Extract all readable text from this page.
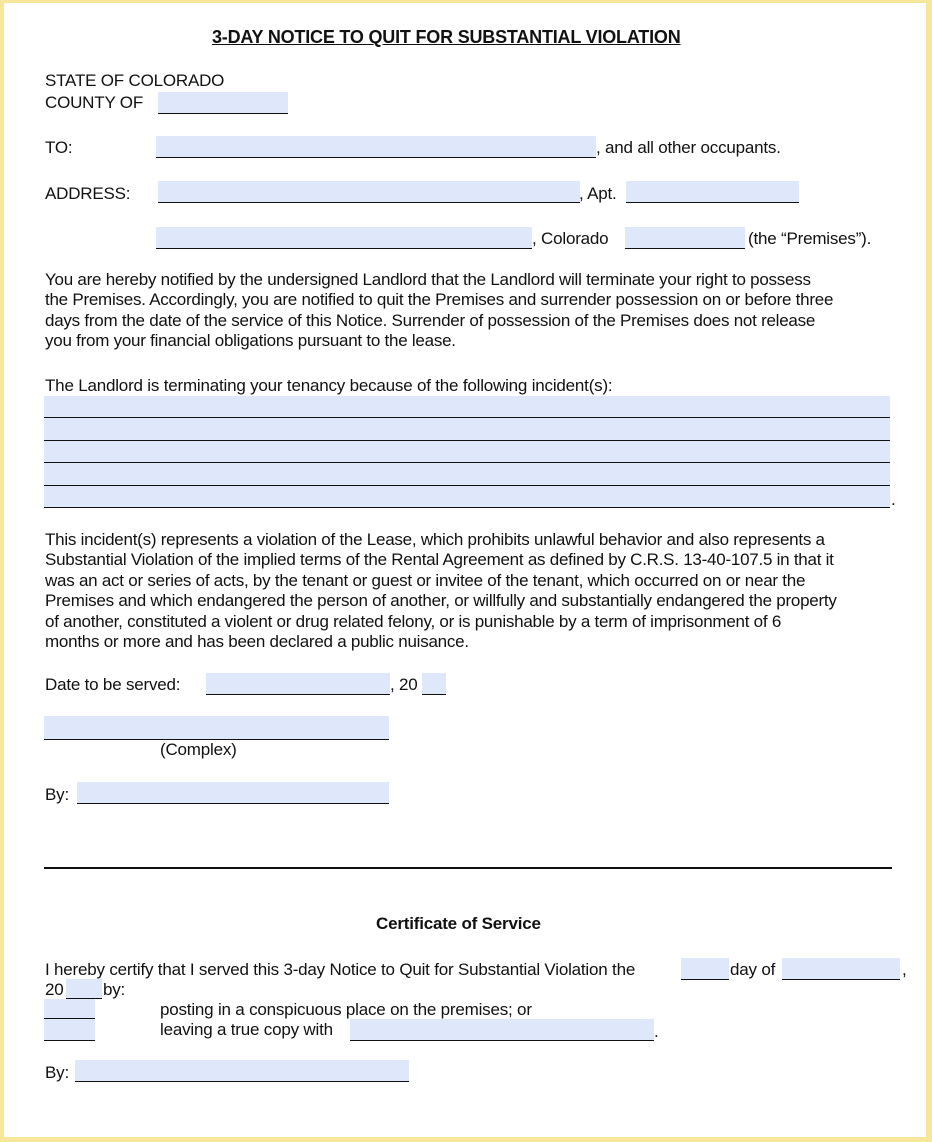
3-DAY NOTICE TO QUIT FOR SUBSTANTIAL VIOLATION
STATE OF COLORADO
COUNTY OF
TO:	, and all other occupants.
ADDRESS:	, Apt.
, Colorado	(the “Premises”).
You are hereby notified by the undersigned Landlord that the Landlord will terminate your right to possess
the Premises. Accordingly, you are notified to quit the Premises and surrender possession on or before three
days from the date of the service of this Notice. Surrender of possession of the Premises does not release
you from your financial obligations pursuant to the lease.
The Landlord is terminating your tenancy because of the following incident(s):
.
This incident(s) represents a violation of the Lease, which prohibits unlawful behavior and also represents a
Substantial Violation of the implied terms of the Rental Agreement as defined by C.R.S. 13-40-107.5 in that it
was an act or series of acts, by the tenant or guest or invitee of the tenant, which occurred on or near the
Premises and which endangered the person of another, or willfully and substantially endangered the property
of another, constituted a violent or drug related felony, or is punishable by a term of imprisonment of 6
months or more and has been declared a public nuisance.
Date to be served:	, 20
(Complex)
By:
Certificate of Service
I hereby certify that I served this 3-day Notice to Quit for Substantial Violation the	day of	,
20 by:
posting in a conspicuous place on the premises; or
leaving a true copy with	.
By:
